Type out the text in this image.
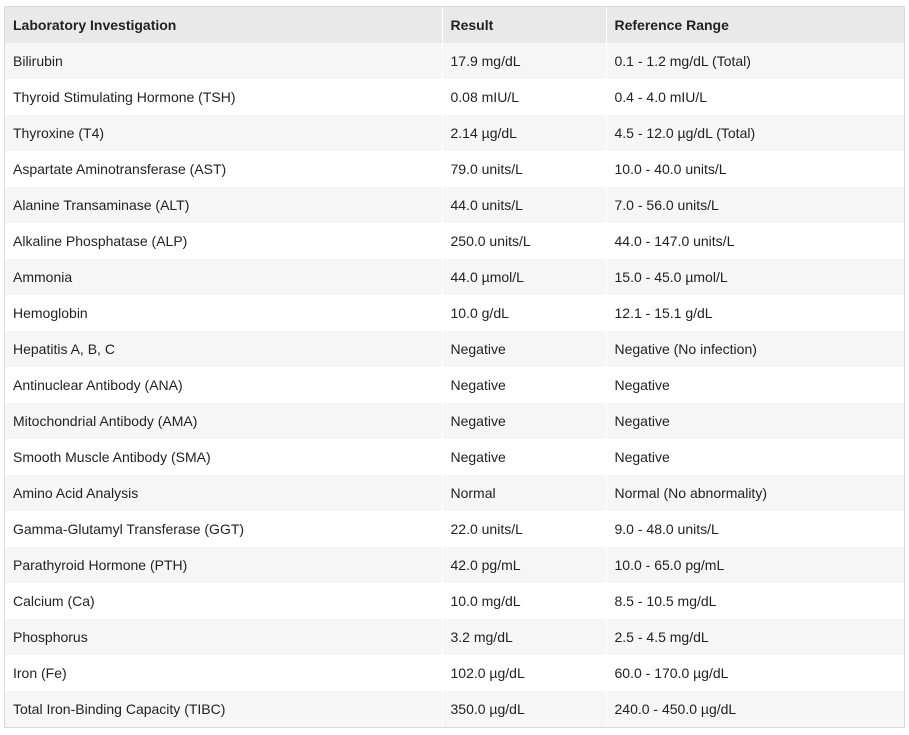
Laboratory Investigation	Result	Reference Range
Bilirubin	17.9 mg/dL	0.1 - 1.2 mg/dL (Total)
Thyroid Stimulating Hormone (TSH)	0.08 mIU/L	0.4 - 4.0 mIU/L
Thyroxine (T4)	2.14 µg/dL	4.5 - 12.0 µg/dL (Total)
Aspartate Aminotransferase (AST)	79.0 units/L	10.0 - 40.0 units/L
Alanine Transaminase (ALT)	44.0 units/L	7.0 - 56.0 units/L
Alkaline Phosphatase (ALP)	250.0 units/L	44.0 - 147.0 units/L
Ammonia	44.0 µmol/L	15.0 - 45.0 µmol/L
Hemoglobin	10.0 g/dL	12.1 - 15.1 g/dL
Hepatitis A, B, C	Negative	Negative (No infection)
Antinuclear Antibody (ANA)	Negative	Negative
Mitochondrial Antibody (AMA)	Negative	Negative
Smooth Muscle Antibody (SMA)	Negative	Negative
Amino Acid Analysis	Normal	Normal (No abnormality)
Gamma-Glutamyl Transferase (GGT)	22.0 units/L	9.0 - 48.0 units/L
Parathyroid Hormone (PTH)	42.0 pg/mL	10.0 - 65.0 pg/mL
Calcium (Ca)	10.0 mg/dL	8.5 - 10.5 mg/dL
Phosphorus	3.2 mg/dL	2.5 - 4.5 mg/dL
Iron (Fe)	102.0 µg/dL	60.0 - 170.0 µg/dL
Total Iron-Binding Capacity (TIBC)	350.0 µg/dL	240.0 - 450.0 µg/dL
